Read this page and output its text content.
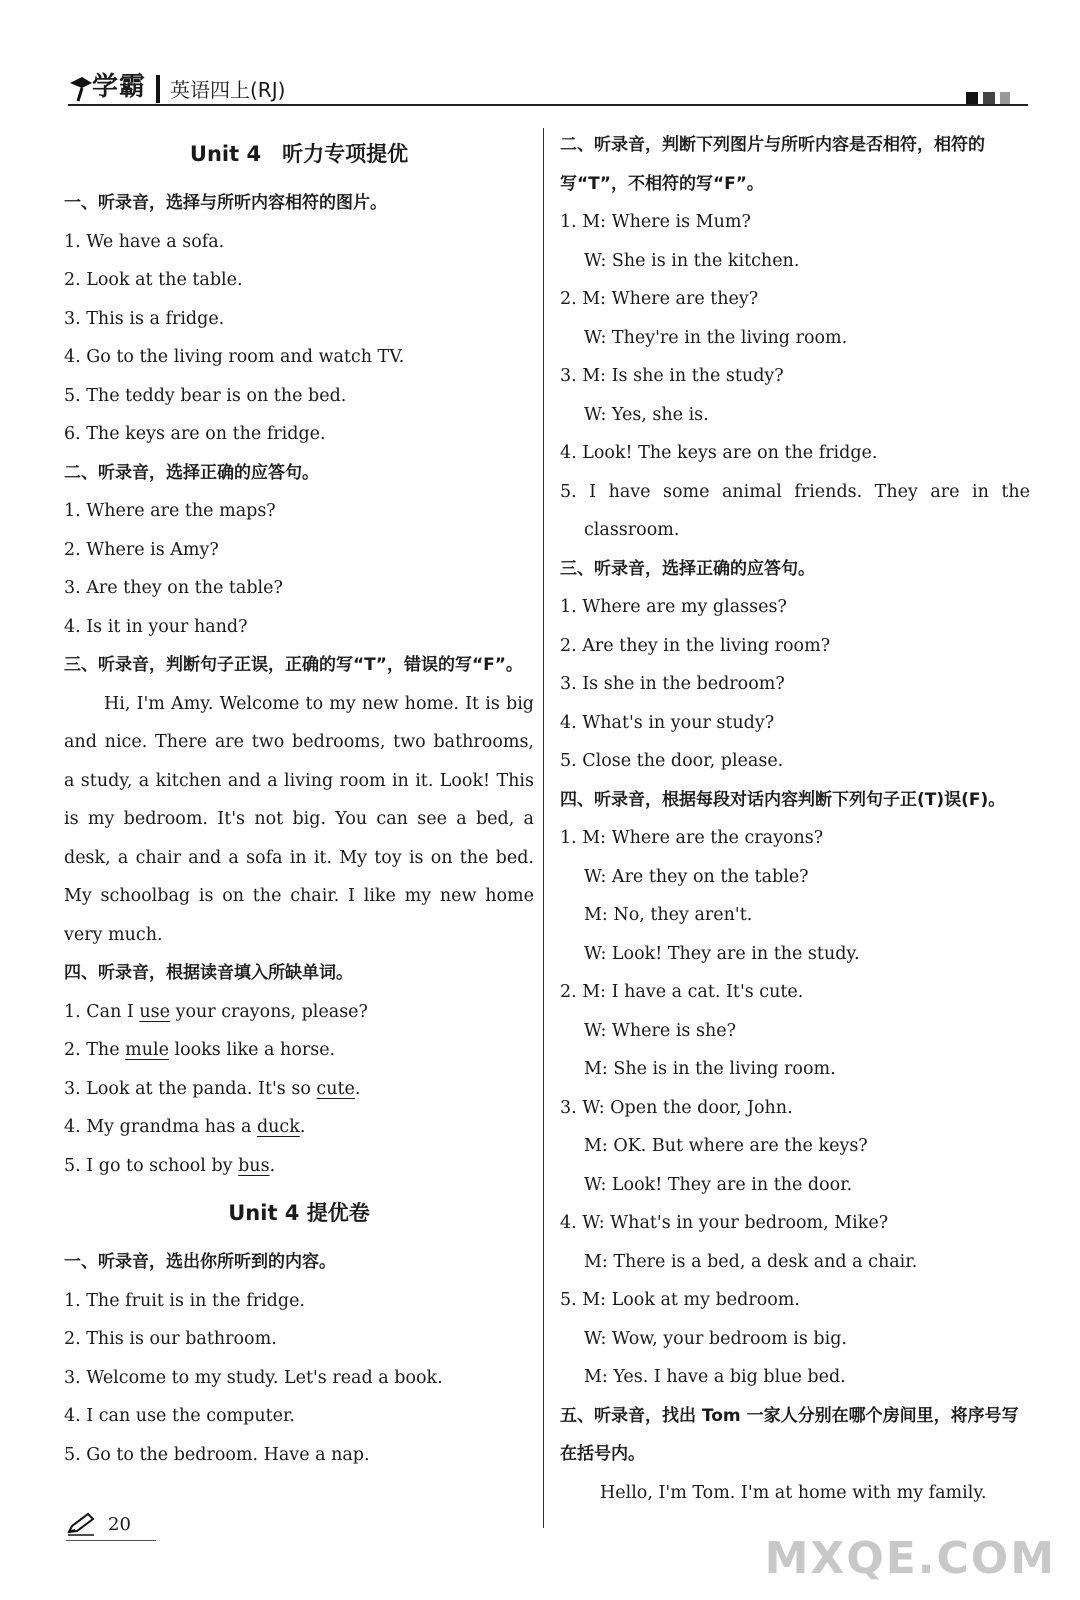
学霸 英语四上(RJ)
Unit 4　听力专项提优
一、听录音，选择与所听内容相符的图片。
1. We have a sofa.
2. Look at the table.
3. This is a fridge.
4. Go to the living room and watch TV.
5. The teddy bear is on the bed.
6. The keys are on the fridge.
二、听录音，选择正确的应答句。
1. Where are the maps?
2. Where is Amy?
3. Are they on the table?
4. Is it in your hand?
三、听录音，判断句子正误，正确的写“T”，错误的写“F”。
Hi, I'm Amy. Welcome to my new home. It is big and nice. There are two bedrooms, two bathrooms, a study, a kitchen and a living room in it. Look! This is my bedroom. It's not big. You can see a bed, a desk, a chair and a sofa in it. My toy is on the bed. My schoolbag is on the chair. I like my new home very much.
四、听录音，根据读音填入所缺单词。
1. Can I use your crayons, please?
2. The mule looks like a horse.
3. Look at the panda. It's so cute.
4. My grandma has a duck.
5. I go to school by bus.
Unit 4 提优卷
一、听录音，选出你所听到的内容。
1. The fruit is in the fridge.
2. This is our bathroom.
3. Welcome to my study. Let's read a book.
4. I can use the computer.
5. Go to the bedroom. Have a nap.
二、听录音，判断下列图片与所听内容是否相符，相符的写“T”，不相符的写“F”。
1. M: Where is Mum?
W: She is in the kitchen.
2. M: Where are they?
W: They're in the living room.
3. M: Is she in the study?
W: Yes, she is.
4. Look! The keys are on the fridge.
5. I have some animal friends. They are in the
classroom.
三、听录音，选择正确的应答句。
1. Where are my glasses?
2. Are they in the living room?
3. Is she in the bedroom?
4. What's in your study?
5. Close the door, please.
四、听录音，根据每段对话内容判断下列句子正(T)误(F)。
1. M: Where are the crayons?
W: Are they on the table?
M: No, they aren't.
W: Look! They are in the study.
2. M: I have a cat. It's cute.
W: Where is she?
M: She is in the living room.
3. W: Open the door, John.
M: OK. But where are the keys?
W: Look! They are in the door.
4. W: What's in your bedroom, Mike?
M: There is a bed, a desk and a chair.
5. M: Look at my bedroom.
W: Wow, your bedroom is big.
M: Yes. I have a big blue bed.
五、听录音，找出 Tom 一家人分别在哪个房间里，将序号写在括号内。
Hello, I'm Tom. I'm at home with my family.
20
MXQE.COM
